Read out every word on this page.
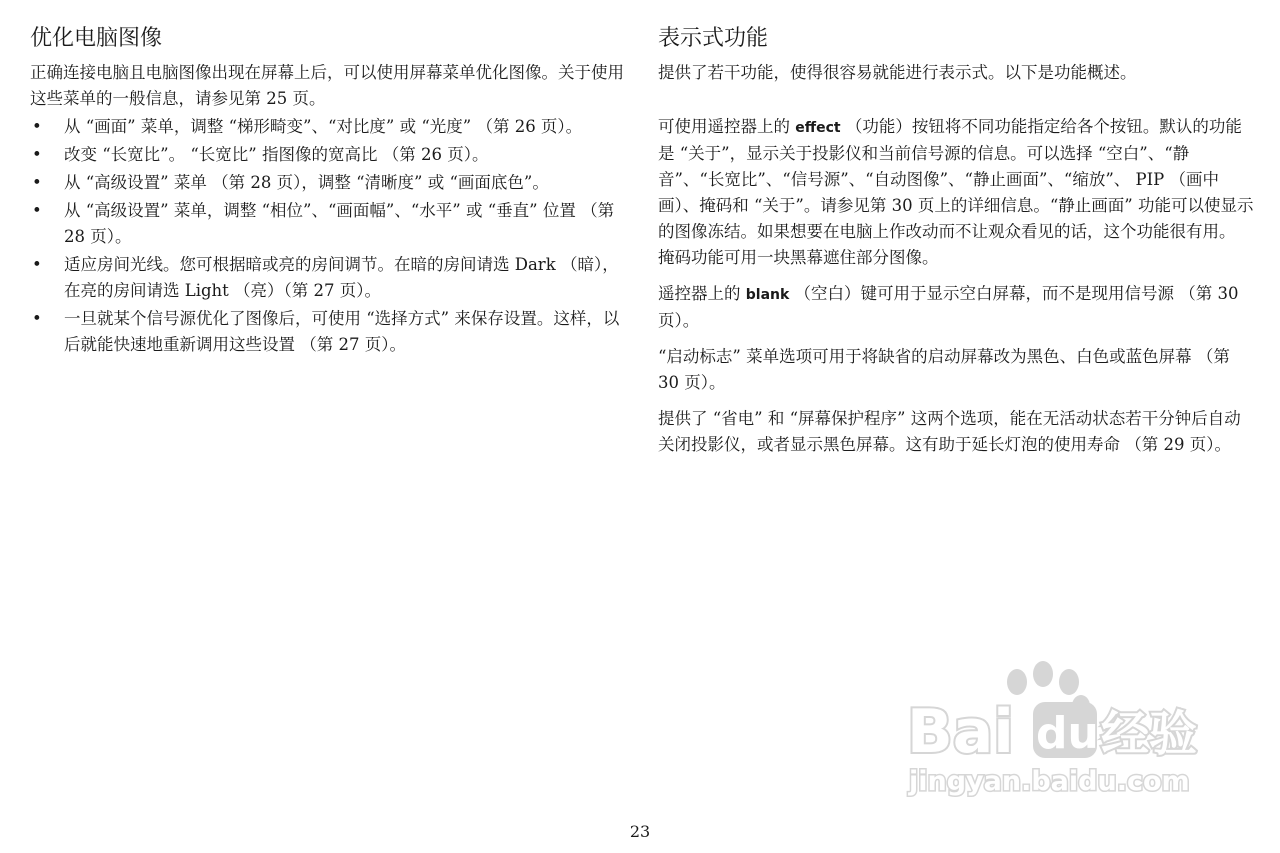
优化电脑图像

正确连接电脑且电脑图像出现在屏幕上后，可以使用屏幕菜单优化图像。关于使用这些菜单的一般信息，请参见第 25 页。

• 从 “画面” 菜单，调整 “梯形畸变”、“对比度” 或 “光度” （第 26 页）。
• 改变 “长宽比”。 “长宽比” 指图像的宽高比 （第 26 页）。
• 从 “高级设置” 菜单 （第 28 页），调整 “清晰度” 或 “画面底色”。
• 从 “高级设置” 菜单，调整 “相位”、“画面幅”、“水平” 或 “垂直” 位置 （第 28 页）。
• 适应房间光线。您可根据暗或亮的房间调节。在暗的房间请选 Dark （暗），在亮的房间请选 Light （亮）（第 27 页）。
• 一旦就某个信号源优化了图像后，可使用 “选择方式” 来保存设置。这样，以后就能快速地重新调用这些设置 （第 27 页）。
表示式功能

提供了若干功能，使得很容易就能进行表示式。以下是功能概述。

可使用遥控器上的 effect （功能）按钮将不同功能指定给各个按钮。默认的功能是 “关于”，显示关于投影仪和当前信号源的信息。可以选择 “空白”、“静音”、“长宽比”、“信号源”、“自动图像”、“静止画面”、“缩放”、 PIP （画中画）、掩码和 “关于”。请参见第 30 页上的详细信息。“静止画面” 功能可以使显示的图像冻结。如果想要在电脑上作改动而不让观众看见的话，这个功能很有用。 掩码功能可用一块黑幕遮住部分图像。

遥控器上的 blank （空白）键可用于显示空白屏幕，而不是现用信号源 （第 30 页）。

“启动标志” 菜单选项可用于将缺省的启动屏幕改为黑色、白色或蓝色屏幕 （第 30 页）。

提供了 “省电” 和 “屏幕保护程序” 这两个选项，能在无活动状态若干分钟后自动关闭投影仪，或者显示黑色屏幕。这有助于延长灯泡的使用寿命 （第 29 页）。

Bai du 经验
jingyan.baidu.com
23
